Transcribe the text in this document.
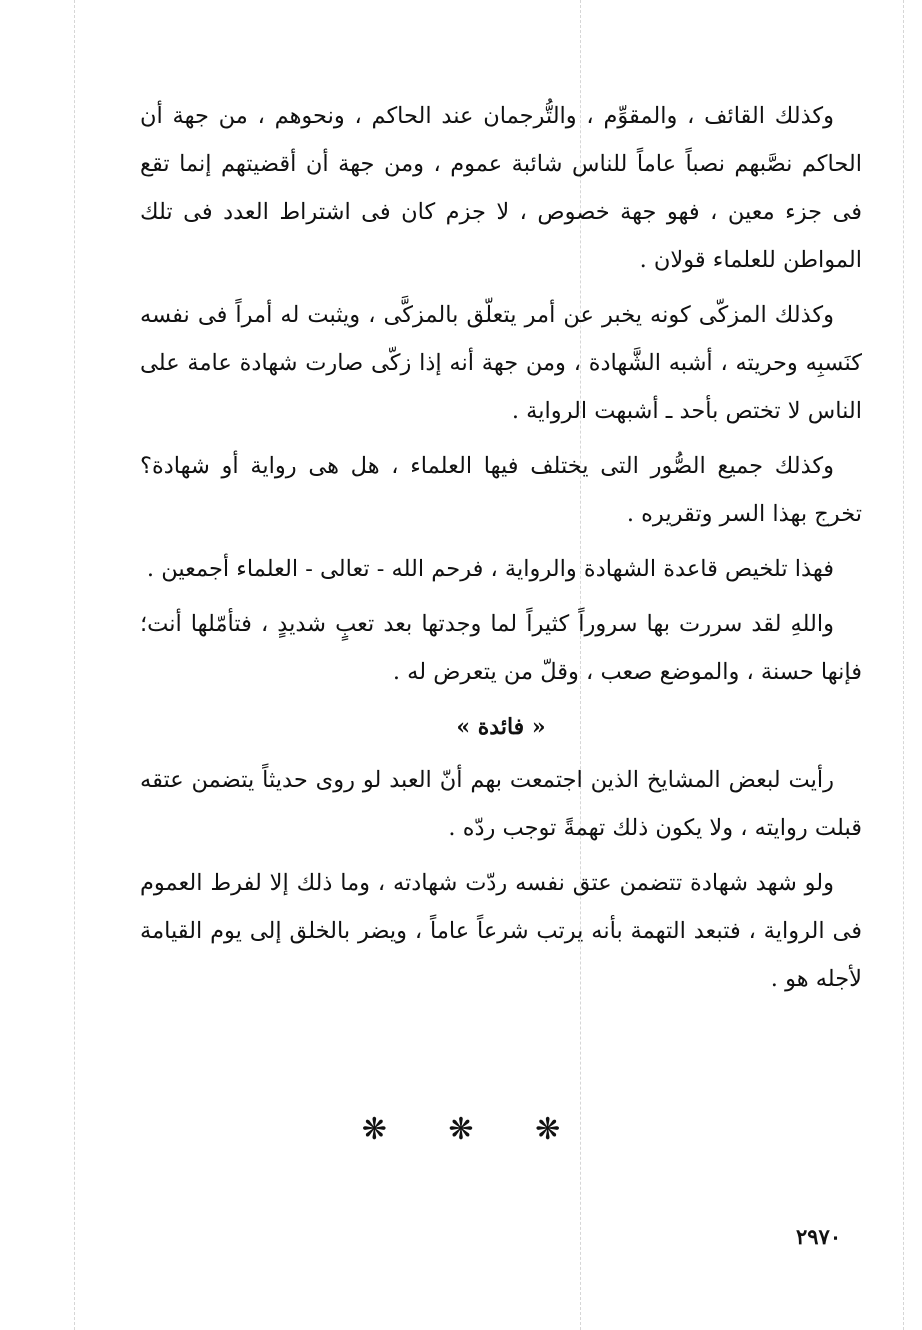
وكذلك القائف ، والمقوِّم ، والتُّرجمان عند الحاكم ، ونحوهم ، من جهة أن الحاكم نصَّبهم نصباً عاماً للناس شائبة عموم ، ومن جهة أن أقضيتهم إنما تقع فى جزء معين ، فهو جهة خصوص ، لا جزم كان فى اشتراط العدد فى تلك المواطن للعلماء قولان .

وكذلك المزكّى كونه يخبر عن أمر يتعلّق بالمزكَّى ، ويثبت له أمراً فى نفسه كنَسبِه وحريته ، أشبه الشَّهادة ، ومن جهة أنه إذا زكّى صارت شهادة عامة على الناس لا تختص بأحد ـ أشبهت الرواية .

وكذلك جميع الصُّور التى يختلف فيها العلماء ، هل هى رواية أو شهادة؟ تخرج بهذا السر وتقريره .

فهذا تلخيص قاعدة الشهادة والرواية ، فرحم الله - تعالى - العلماء أجمعين .

واللهِ لقد سررت بها سروراً كثيراً لما وجدتها بعد تعبٍ شديدٍ ، فتأمّلها أنت؛ فإنها حسنة ، والموضع صعب ، وقلّ من يتعرض له .

« فائدة »

رأيت لبعض المشايخ الذين اجتمعت بهم أنّ العبد لو روى حديثاً يتضمن عتقه قبلت روايته ، ولا يكون ذلك تهمةً توجب ردّه .

ولو شهد شهادة تتضمن عتق نفسه ردّت شهادته ، وما ذلك إلا لفرط العموم فى الرواية ، فتبعد التهمة بأنه يرتب شرعاً عاماً ، ويضر بالخلق إلى يوم القيامة لأجله هو .

❋ ❋ ❋
٢٩٧٠
